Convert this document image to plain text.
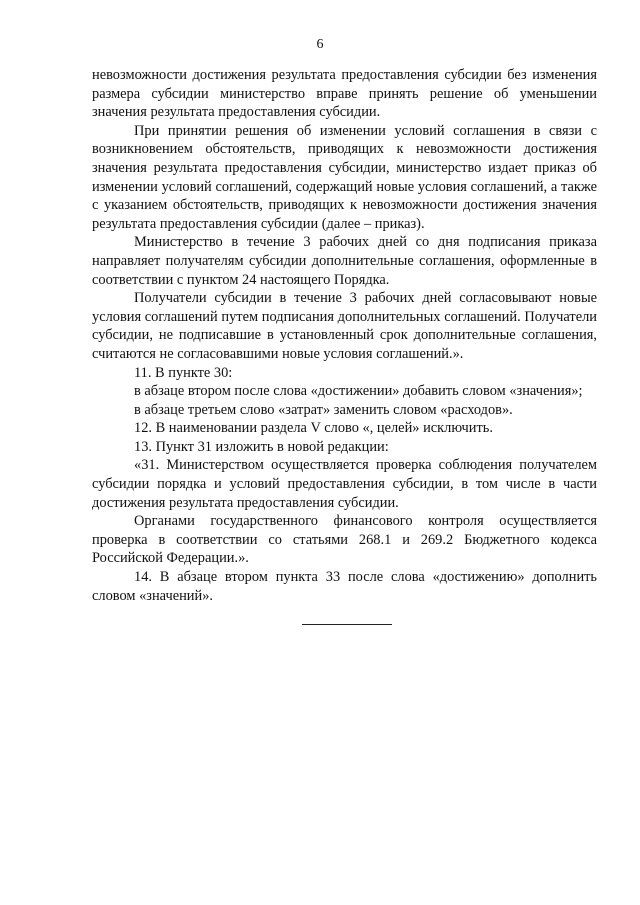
6

невозможности достижения результата предоставления субсидии без изменения размера субсидии министерство вправе принять решение об уменьшении значения результата предоставления субсидии.

При принятии решения об изменении условий соглашения в связи с возникновением обстоятельств, приводящих к невозможности достижения значения результата предоставления субсидии, министерство издает приказ об изменении условий соглашений, содержащий новые условия соглашений, а также с указанием обстоятельств, приводящих к невозможности достижения значения результата предоставления субсидии (далее – приказ).

Министерство в течение 3 рабочих дней со дня подписания приказа направляет получателям субсидии дополнительные соглашения, оформленные в соответствии с пунктом 24 настоящего Порядка.

Получатели субсидии в течение 3 рабочих дней согласовывают новые условия соглашений путем подписания дополнительных соглашений. Получатели субсидии, не подписавшие в установленный срок дополнительные соглашения, считаются не согласовавшими новые условия соглашений.».

11. В пункте 30:

в абзаце втором после слова «достижении» добавить словом «значения»;

в абзаце третьем слово «затрат» заменить словом «расходов».

12. В наименовании раздела V слово «, целей» исключить.

13. Пункт 31 изложить в новой редакции:

«31. Министерством осуществляется проверка соблюдения получателем субсидии порядка и условий предоставления субсидии, в том числе в части достижения результата предоставления субсидии.

Органами государственного финансового контроля осуществляется проверка в соответствии со статьями 268.1 и 269.2 Бюджетного кодекса Российской Федерации.».

14. В абзаце втором пункта 33 после слова «достижению» дополнить словом «значений».
